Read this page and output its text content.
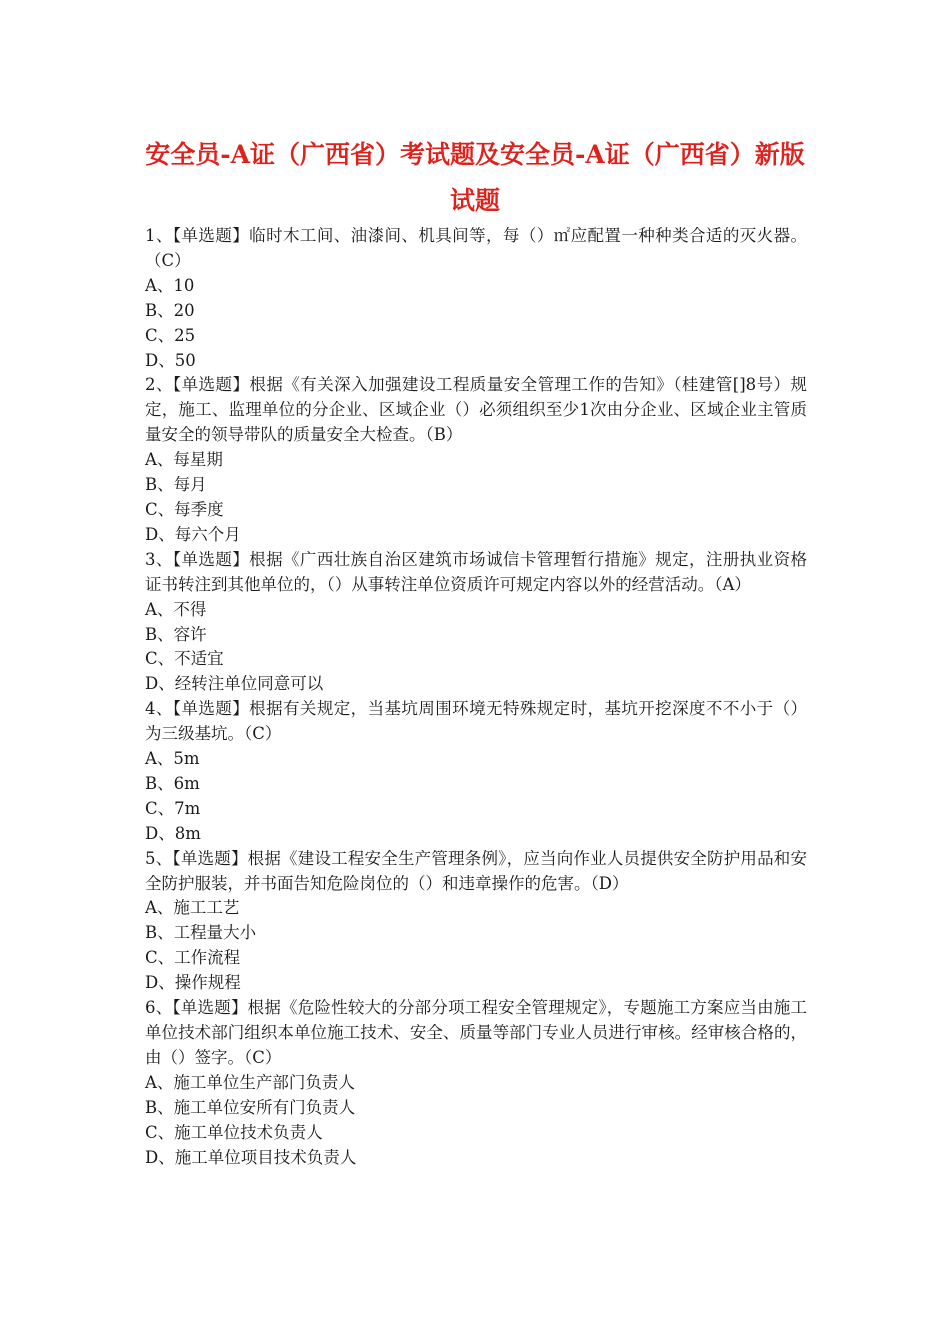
安全员-A证（广西省）考试题及安全员-A证（广西省）新版试题

1、【单选题】临时木工间、油漆间、机具间等，每（）㎡应配置一种种类合适的灭火器。（C）

A、10

B、20

C、25

D、50

2、【单选题】根据《有关深入加强建设工程质量安全管理工作的告知》（桂建管[]8号）规定，施工、监理单位的分企业、区域企业（）必须组织至少1次由分企业、区域企业主管质量安全的领导带队的质量安全大检查。（B）

A、每星期

B、每月

C、每季度

D、每六个月

3、【单选题】根据《广西壮族自治区建筑市场诚信卡管理暂行措施》规定，注册执业资格证书转注到其他单位的，（）从事转注单位资质许可规定内容以外的经营活动。（A）

A、不得

B、容许

C、不适宜

D、经转注单位同意可以

4、【单选题】根据有关规定，当基坑周围环境无特殊规定时，基坑开挖深度不不小于（）为三级基坑。（C）

A、5m

B、6m

C、7m

D、8m

5、【单选题】根据《建设工程安全生产管理条例》，应当向作业人员提供安全防护用品和安全防护服装，并书面告知危险岗位的（）和违章操作的危害。（D）

A、施工工艺

B、工程量大小

C、工作流程

D、操作规程

6、【单选题】根据《危险性较大的分部分项工程安全管理规定》，专题施工方案应当由施工单位技术部门组织本单位施工技术、安全、质量等部门专业人员进行审核。经审核合格的，由（）签字。（C）

A、施工单位生产部门负责人

B、施工单位安所有门负责人

C、施工单位技术负责人

D、施工单位项目技术负责人
